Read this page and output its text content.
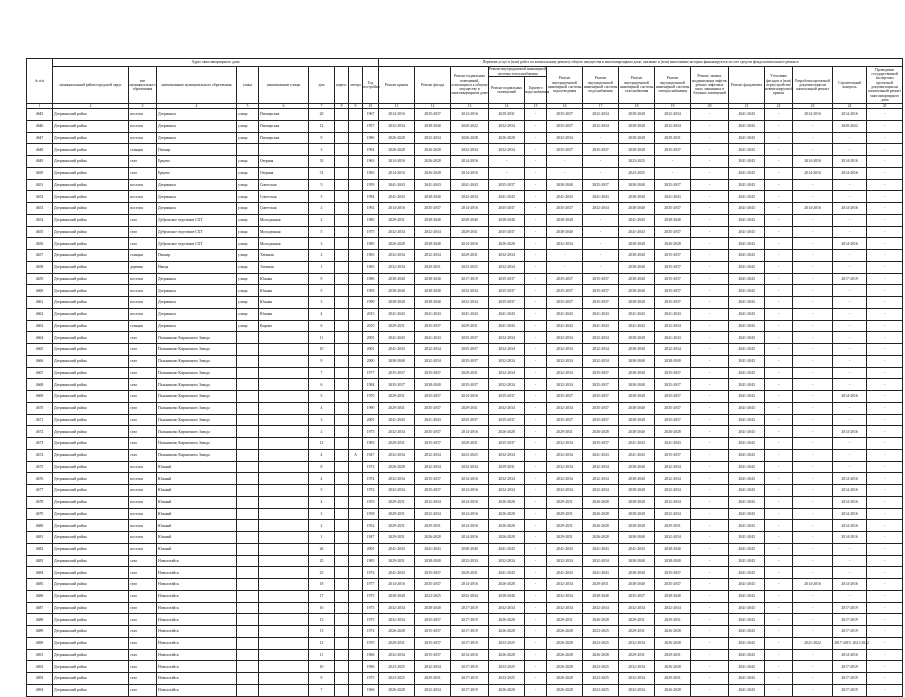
№ п/п	Адрес многоквартирного дома									Перечень услуг и (или) работ по капитальному ремонту общего имущества в многоквартирном доме, оказание и (или) выполнение которых финансируется за счет средств фонда капитального ремонта														
	муниципальный район/городской округ	тип муниципального образования	наименование муниципального образования	улица	наименование улицы	дом	корпус	литера	Год постройки	Ремонт крыши	Ремонт фасада	Ремонт подвальных помещений, относящихся к общему имуществу в многоквартирном доме	Ремонт внутридомовой инженерной системы теплоснабжения		Ремонт внутридомовой инженерной системы водоотведения	Ремонт внутридомовой инженерной системы водоснабжения	Ремонт внутридомовой инженерной системы газоснабжения	Ремонт внутридомовой инженерной системы электроснабжения	Ремонт, замена, модернизация лифтов, ремонт лифтовых шахт, машинных и блочных помещений	Ремонт фундамента	Утепление фасадов и (или) переустройство невентилируемой крыши	Разработка проектной документации на капитальный ремонт	Строительный контроль	Проведение государственной экспертизы проектной документации на капитальный ремонт многоквартирного дома
													Ремонт подвальных помещений	Горячего водоснабжения										
1	2	3	4	5	6	7	8	9	10	11	12	13	14	15	16	17	18	19	20	21	22	23	24	25
4645	Дзержинский район	поселок	Дзержинск	улица	Пионерская	20			1967	2014-2016	2035-2037	2014-2016	2029-2031	-	2035-2037	2032-2034	2038-2040	2032-2034	-	2041-2043	-	2014-2016	2014-2016	-
4646	Дзержинский район	поселок	Дзержинск	улица	Пионерская	12			1957	2032-2034	2038-2040	2020-2022	2032-2034	-	2035-2037	2032-2034	2038-2040	2032-2034	-	2041-2043	-	-	2020-2022	-
4647	Дзержинский район	поселок	Дзержинск	улица	Пионерская	9			1986	2026-2028	2032-2034	2026-2028	2026-2028	-	2032-2034	-	2038-2040	2029-2031	-	2041-2043	-	-	-	-
4648	Дзержинский район	станция	Пионер			3			1994	2026-2028	2026-2028	2032-2034	2032-2034	-	2035-2037	2035-2037	2038-2040	2035-2037	-	2041-2043	-	-	-	-
4649	Дзержинский район	село	Ерцево	улица	Озерная	33			1963	2014-2016	2026-2028	2014-2016	-	-	-	-	2023-2025	-	-	2041-2043	-	2014-2016	2014-2016	-
4650	Дзержинский район	село	Ерцево	улица	Озерная	31			1965	2014-2016	2026-2028	2014-2016	-	-	-	-	2023-2025	-	-	2041-2043	-	2014-2016	2014-2016	-
4651	Дзержинский район	поселок	Дзержинск	улица	Советская	5			1959	2041-2043	2041-2043	2041-2043	2035-2037	-	2038-2040	2035-2037	2038-2040	2035-2037	-	2041-2043	-	-	-	-
4652	Дзержинский район	поселок	Дзержинск	улица	Советская	3			1994	2041-2043	2038-2040	2032-2034	2041-2043	-	2041-2043	2041-2043	2038-2040	2041-2043	-	2041-2043	-	-	-	-
4653	Дзержинский район	поселок	Дзержинск	улица	Советская	2			1992	2014-2016	2035-2037	2014-2016	2035-2037	-	2035-2037	2032-2034	2038-2040	2035-2037	-	2041-2043	-	2014-2016	2014-2016	-
4654	Дзержинский район	село	Дубровское отделение СХТ	улица	Молодежная	2			1980	2029-2031	2038-2040	2038-2040	2038-2040	-	2038-2040	-	2041-2043	2038-2040	-	2041-2043	-	-	-	-
4655	Дзержинский район	село	Дубровское отделение СХТ	улица	Молодежная	5			1975	2032-2034	2032-2034	2029-2031	2035-2037	-	2038-2040	-	2041-2043	2035-2037	-	2041-2043	-	-	-	-
4656	Дзержинский район	село	Дубровское отделение СХТ	улица	Молодежная	3			1985	2026-2028	2038-2040	2014-2016	2026-2028	-	2032-2034	-	2038-2040	2026-2028	-	2041-2043	-	-	2014-2016	-
4657	Дзержинский район	станция	Пионер	улица	Таежная	2			1965	2032-2034	2032-2034	2029-2031	2032-2034	-	-	-	2038-2040	2035-2037	-	2041-2043	-	-	-	-
4658	Дзержинский район	деревня	Ивица	улица	Таежная	1			1965	2032-2034	2029-2031	2023-2025	2032-2034	-	-	-	2038-2040	2035-2037	-	2041-2043	-	-	-	-
4659	Дзержинский район	поселок	Дзержинск	улица	Южная	9			1986	2038-2040	2038-2040	2017-2019	2035-2037	-	2035-2037	2035-2037	2038-2040	2035-2037	-	2041-2043	-	-	2017-2019	-
4660	Дзержинский район	поселок	Дзержинск	улица	Южная	5			1993	2038-2040	2038-2040	2032-2034	2035-2037	-	2035-2037	2035-2037	2038-2040	2035-2037	-	2041-2043	-	-	-	-
4661	Дзержинский район	поселок	Дзержинск	улица	Южная	3			1990	2038-2040	2038-2040	2032-2034	2035-2037	-	2035-2037	2035-2037	2038-2040	2035-2037	-	2041-2043	-	-	-	-
4662	Дзержинский район	поселок	Дзержинск	улица	Южная	4			2015	2041-2043	2041-2043	2041-2043	2041-2043	-	2041-2043	2041-2043	2041-2043	2041-2043	-	2041-2043	-	-	-	-
4663	Дзержинский район	станция	Дзержинск	улица	Кирова	6			2010	2029-2031	2035-2037	2029-2031	2041-2043	-	2041-2043	2041-2043	2041-2043	2032-2034	-	2041-2043	-	-	-	-
4664	Дзержинский район	село	Пальниково Кирпичного Завода			11			2005	2041-2043	2041-2043	2035-2037	2032-2034	-	2032-2034	2032-2034	2038-2040	2041-2043	-	2041-2043	-	-	-	-
4665	Дзержинский район	село	Пальниково Кирпичного Завода			10			2002	2041-2043	2032-2034	2035-2037	2032-2034	-	2032-2034	2032-2034	2038-2040	2032-2034	-	2041-2043	-	-	-	-
4666	Дзержинский район	село	Пальниково Кирпичного Завода			9			2000	2038-2040	2032-2034	2035-2037	2032-2034	-	2032-2034	2032-2034	2038-2040	2038-2040	-	2041-2043	-	-	-	-
4667	Дзержинский район	село	Пальниково Кирпичного Завода			7			1977	2035-2037	2035-2037	2029-2031	2032-2034	-	2032-2034	2035-2037	2038-2040	2035-2037	-	2041-2043	-	-	-	-
4668	Дзержинский район	село	Пальниково Кирпичного Завода			6			1984	2035-2037	2038-2040	2035-2037	2032-2034	-	2032-2034	2035-2037	2038-2040	2035-2037	-	2041-2043	-	-	-	-
4669	Дзержинский район	село	Пальниково Кирпичного Завода			5			1970	2029-2031	2035-2037	2014-2016	2035-2037	-	2035-2037	2035-2037	2038-2040	2035-2037	-	2041-2043	-	-	2014-2016	-
4670	Дзержинский район	село	Пальниково Кирпичного Завода			4			1990	2029-2031	2035-2037	2029-2031	2032-2034	-	2032-2034	2035-2037	2038-2040	2035-2037	-	2041-2043	-	-	-	-
4671	Дзержинский район	село	Пальниково Кирпичного Завода			3			2005	2041-2043	2041-2043	2035-2037	2035-2037	-	2035-2037	2035-2037	2038-2040	2035-2037	-	2041-2043	-	-	-	-
4672	Дзержинский район	село	Пальниково Кирпичного Завода			2			1973	2032-2034	2035-2037	2014-2016	2026-2028	-	2029-2031	2026-2028	2038-2040	2026-2028	-	2041-2043	-	-	2014-2016	-
4673	Дзержинский район	село	Пальниково Кирпичного Завода			12			1983	2029-2031	2035-2037	2029-2031	2035-2037	-	2032-2034	2035-2037	2041-2043	2041-2043	-	2041-2043	-	-	-	-
4674	Дзержинский район	село	Пальниково Кирпичного Завода			4		А	1947	2032-2034	2032-2034	2023-2025	2032-2034	-	2032-2034	2041-2043	2041-2043	2035-2037	-	2041-2043	-	-	-	-
4675	Дзержинский район	поселок	Южный			8			1972	2026-2028	2032-2034	2032-2034	2029-2031	-	2032-2034	2032-2034	2038-2040	2032-2034	-	2041-2043	-	-	-	-
4676	Дзержинский район	поселок	Южный			4			1974	2032-2034	2035-2037	2014-2016	2032-2034	-	2032-2034	2032-2034	2038-2040	2032-2034	-	2041-2043	-	-	2014-2016	-
4677	Дзержинский район	поселок	Южный			5			1972	2032-2034	2035-2037	2014-2016	2032-2034	-	2032-2034	2032-2034	2038-2040	2032-2034	-	2041-2043	-	-	2014-2016	-
4678	Дзержинский район	поселок	Южный			4			1955	2029-2031	2032-2034	2014-2016	2026-2028	-	2029-2031	2026-2028	2038-2040	2032-2034	-	2041-2043	-	-	2014-2016	-
4679	Дзержинский район	поселок	Южный			3			1958	2029-2031	2032-2034	2014-2016	2026-2028	-	2029-2031	2026-2028	2038-2040	2032-2034	-	2041-2043	-	-	2014-2016	-
4680	Дзержинский район	поселок	Южный			2			1952	2029-2031	2029-2031	2014-2016	2026-2028	-	2029-2031	2026-2028	2038-2040	2029-2031	-	2041-2043	-	-	2014-2016	-
4681	Дзержинский район	поселок	Южный			1			1947	2029-2031	2026-2028	2014-2016	2026-2028	-	2029-2031	2026-2028	2038-2040	2032-2034	-	2041-2043	-	-	2014-2016	-
4682	Дзержинский район	поселок	Южный			26			2005	2041-2043	2041-2043	2038-2040	2041-2043	-	2041-2043	2041-2043	2041-2043	2038-2040	-	2041-2043	-	-	-	-
4683	Дзержинский район	село	Новоалтайск			25			1983	2029-2031	2038-2040	2032-2034	2032-2034	-	2032-2034	2032-2034	2038-2040	2038-2040	-	2041-2043	-	-	-	-
4684	Дзержинский район	село	Новоалтайск			23			1972	2041-2043	2035-2037	2029-2031	2041-2043	-	2041-2043	2041-2043	2038-2040	2035-2037	-	2041-2043	-	-	-	-
4685	Дзержинский район	село	Новоалтайск			18			1977	2014-2016	2035-2037	2014-2016	2026-2028	-	2032-2034	2029-2031	2038-2040	2035-2037	-	2041-2043	-	2014-2016	2014-2016	-
4686	Дзержинский район	село	Новоалтайск			17			1975	2038-2040	2023-2025	2032-2034	2038-2040	-	2032-2034	2038-2040	2035-2037	2038-2040	-	2041-2043	-	-	-	-
4687	Дзержинский район	село	Новоалтайск			16			1973	2032-2034	2038-2040	2017-2019	2032-2034	-	2032-2034	2032-2034	2032-2034	2032-2034	-	2041-2043	-	-	2017-2019	-
4688	Дзержинский район	село	Новоалтайск			15			1975	2032-2034	2035-2037	2017-2019	2026-2028	-	2029-2031	2026-2028	2029-2031	2029-2031	-	2041-2043	-	-	2017-2019	-
4689	Дзержинский район	село	Новоалтайск			13			1972	2026-2028	2035-2037	2017-2019	2026-2028	-	2026-2028	2023-2025	2029-2031	2026-2028	-	2041-2043	-	-	2017-2019	-
4690	Дзержинский район	село	Новоалтайск			12			1970	2029-2031	2035-2037	2017-2019	2023-2025	-	2026-2028	2023-2025	2032-2034	2026-2028	-	2041-2043	-	2021-2022	2017-2019, 2021-2022	-
4691	Дзержинский район	село	Новоалтайск			11			1966	2032-2034	2035-2037	2014-2016	2026-2028	-	2026-2028	2026-2028	2029-2031	2029-2031	-	2041-2043	-	-	2014-2016	-
4692	Дзержинский район	село	Новоалтайск			10			1996	2023-2025	2032-2034	2017-2019	2023-2025	-	2026-2028	2023-2025	2032-2034	2026-2028	-	2041-2043	-	-	2017-2019	-
4693	Дзержинский район	село	Новоалтайск			9			1975	2023-2025	2029-2031	2017-2019	2023-2025	-	2026-2028	2023-2025	2032-2034	2029-2031	-	2041-2043	-	-	2017-2019	-
4694	Дзержинский район	село	Новоалтайск			7			1966	2026-2028	2032-2034	2017-2019	2026-2028	-	2026-2028	2023-2025	2032-2034	2026-2028	-	2041-2043	-	-	2017-2019	-
